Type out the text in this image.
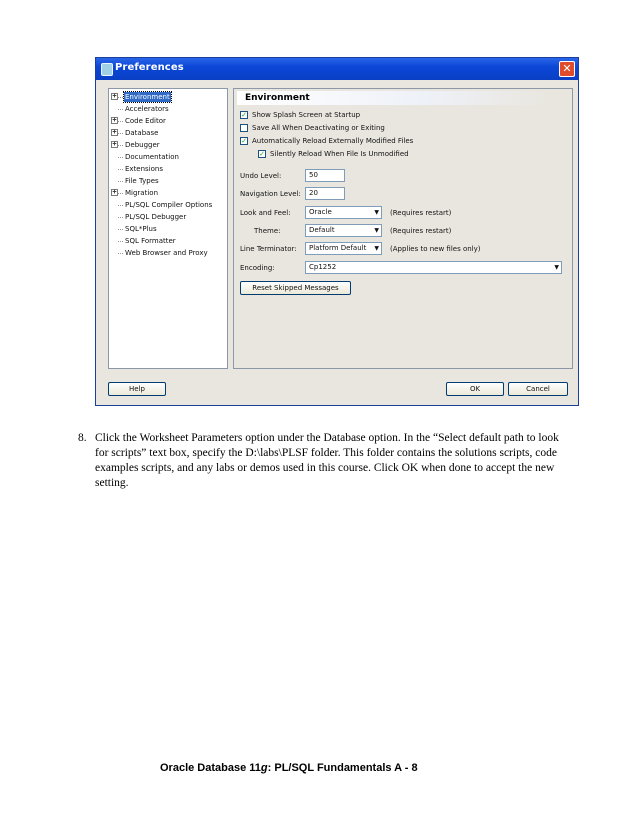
Preferences	✕
+ Environment
Accelerators
+ Code Editor
+ Database
+ Debugger
Documentation
Extensions
File Types
+ Migration
PL/SQL Compiler Options
PL/SQL Debugger
SQL*Plus
SQL Formatter
Web Browser and Proxy
Environment
✓ Show Splash Screen at Startup
Save All When Deactivating or Exiting
✓ Automatically Reload Externally Modified Files
✓ Silently Reload When File Is Unmodified
Undo Level:	50
Navigation Level:	20
Look and Feel:	Oracle	▼ (Requires restart)
Theme:	Default	▼ (Requires restart)
Line Terminator:	Platform Default ▼ (Applies to new files only)
Encoding:	Cp1252	▼
Reset Skipped Messages
Help	OK	Cancel
8. Click the Worksheet Parameters option under the Database option. In the “Select default path to look for scripts” text box, specify the D:\labs\PLSF folder. This folder contains the solutions scripts, code examples scripts, and any labs or demos used in this course. Click OK when done to accept the new setting.
Oracle Database 11g: PL/SQL Fundamentals A - 8
